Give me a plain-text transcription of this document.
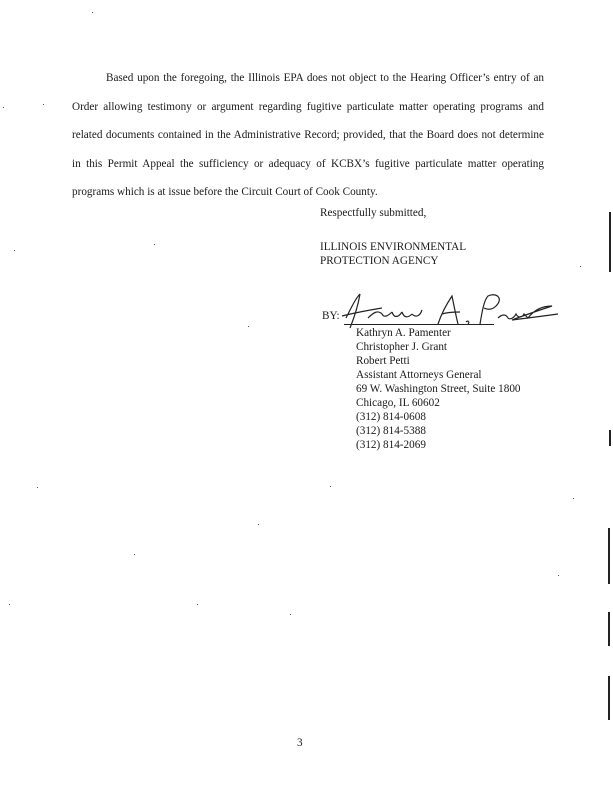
Based upon the foregoing, the Illinois EPA does not object to the Hearing Officer’s entry of an Order allowing testimony or argument regarding fugitive particulate matter operating programs and related documents contained in the Administrative Record; provided, that the Board does not determine in this Permit Appeal the sufficiency or adequacy of KCBX’s fugitive particulate matter operating programs which is at issue before the Circuit Court of Cook County.
Respectfully submitted,
ILLINOIS ENVIRONMENTAL
PROTECTION AGENCY
BY:
Kathryn A. Pamenter
Christopher J. Grant
Robert Petti
Assistant Attorneys General
69 W. Washington Street, Suite 1800
Chicago, IL 60602
(312) 814-0608
(312) 814-5388
(312) 814-2069
3
